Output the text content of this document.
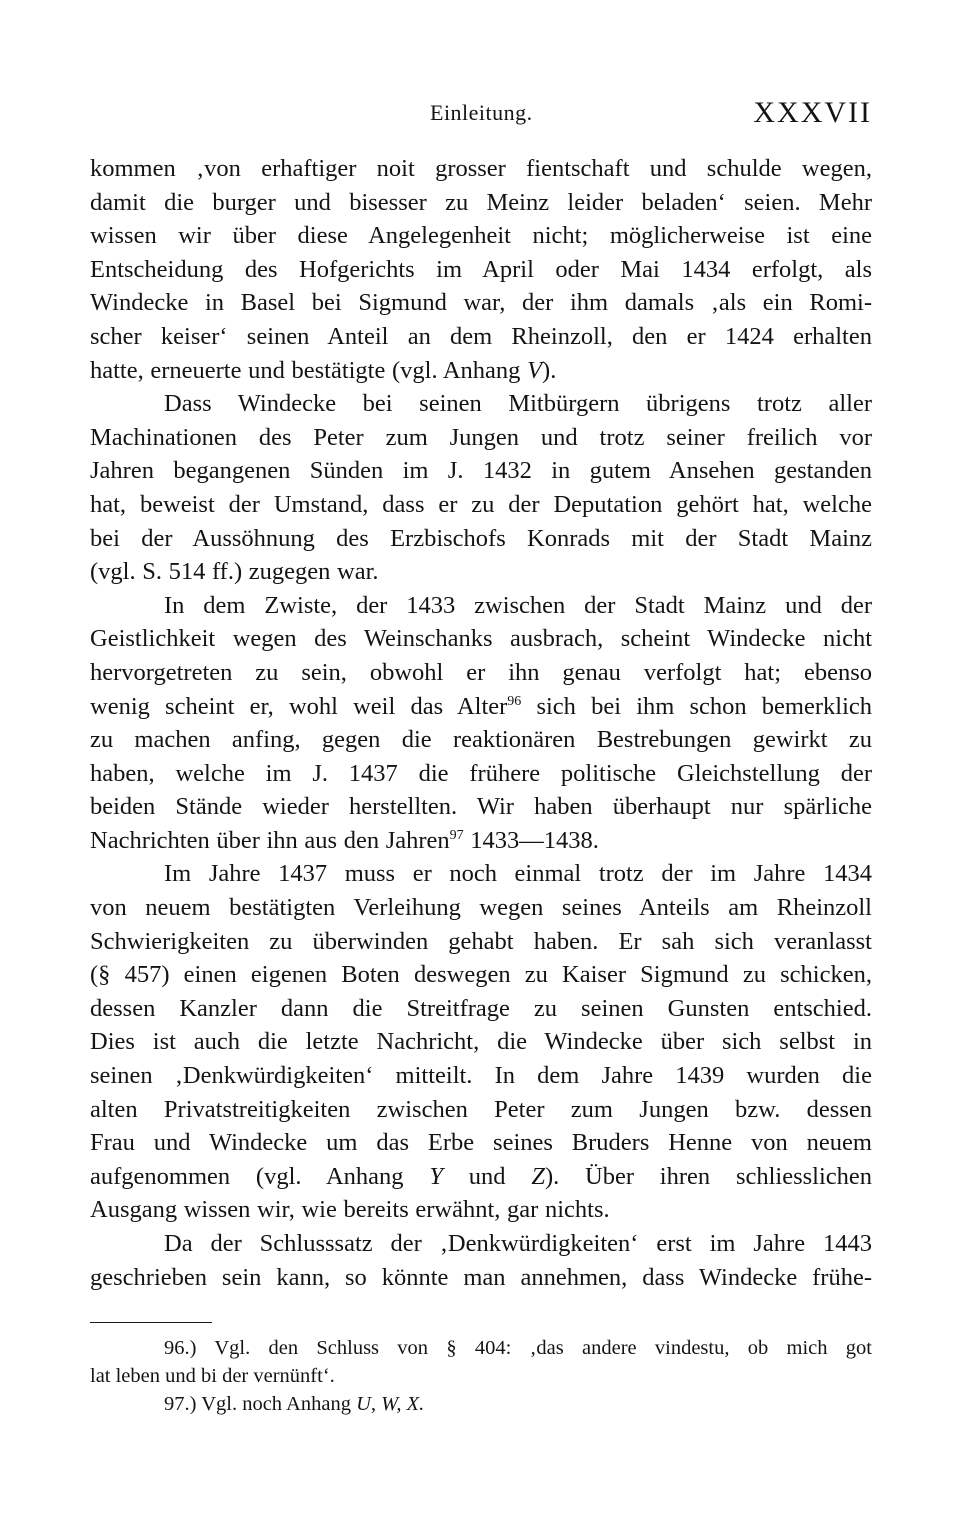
Einleitung.	XXXVII
kommen ‚von erhaftiger noit grosser fientschaft und schulde wegen,
damit die burger und bisesser zu Meinz leider beladen‘ seien. Mehr
wissen wir über diese Angelegenheit nicht; möglicherweise ist eine
Entscheidung des Hofgerichts im April oder Mai 1434 erfolgt, als
Windecke in Basel bei Sigmund war, der ihm damals ‚als ein Romi-
scher keiser‘ seinen Anteil an dem Rheinzoll, den er 1424 erhalten
hatte, erneuerte und bestätigte (vgl. Anhang V).
Dass Windecke bei seinen Mitbürgern übrigens trotz aller
Machinationen des Peter zum Jungen und trotz seiner freilich vor
Jahren begangenen Sünden im J. 1432 in gutem Ansehen gestanden
hat, beweist der Umstand, dass er zu der Deputation gehört hat, welche
bei der Aussöhnung des Erzbischofs Konrads mit der Stadt Mainz
(vgl. S. 514 ff.) zugegen war.
In dem Zwiste, der 1433 zwischen der Stadt Mainz und der
Geistlichkeit wegen des Weinschanks ausbrach, scheint Windecke nicht
hervorgetreten zu sein, obwohl er ihn genau verfolgt hat; ebenso
wenig scheint er, wohl weil das Alter$^{96}$ sich bei ihm schon bemerklich
zu machen anfing, gegen die reaktionären Bestrebungen gewirkt zu
haben, welche im J. 1437 die frühere politische Gleichstellung der
beiden Stände wieder herstellten. Wir haben überhaupt nur spärliche
Nachrichten über ihn aus den Jahren$^{97}$ 1433—1438.
Im Jahre 1437 muss er noch einmal trotz der im Jahre 1434
von neuem bestätigten Verleihung wegen seines Anteils am Rheinzoll
Schwierigkeiten zu überwinden gehabt haben. Er sah sich veranlasst
(§ 457) einen eigenen Boten deswegen zu Kaiser Sigmund zu schicken,
dessen Kanzler dann die Streitfrage zu seinen Gunsten entschied.
Dies ist auch die letzte Nachricht, die Windecke über sich selbst in
seinen ‚Denkwürdigkeiten‘ mitteilt. In dem Jahre 1439 wurden die
alten Privatstreitigkeiten zwischen Peter zum Jungen bzw. dessen
Frau und Windecke um das Erbe seines Bruders Henne von neuem
aufgenommen (vgl. Anhang Y und Z). Über ihren schliesslichen
Ausgang wissen wir, wie bereits erwähnt, gar nichts.
Da der Schlusssatz der ‚Denkwürdigkeiten‘ erst im Jahre 1443
geschrieben sein kann, so könnte man annehmen, dass Windecke frühe-
96.) Vgl. den Schluss von § 404: ‚das andere vindestu, ob mich got
lat leben und bi der vernünft‘.
97.) Vgl. noch Anhang U, W, X.
